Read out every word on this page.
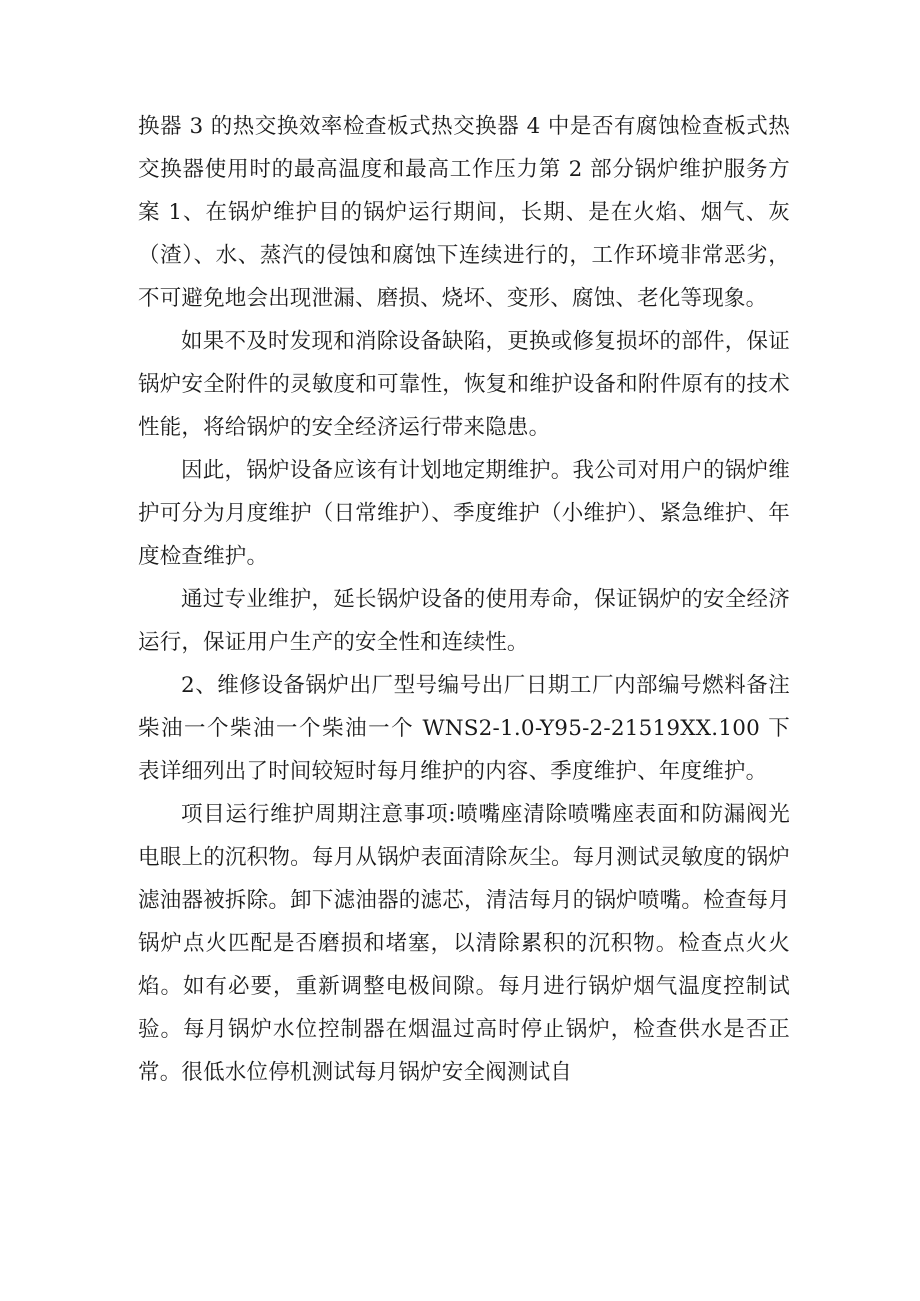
换器 3 的热交换效率检查板式热交换器 4 中是否有腐蚀检查板式热交换器使用时的最高温度和最高工作压力第 2 部分锅炉维护服务方案 1、在锅炉维护目的锅炉运行期间，长期、是在火焰、烟气、灰（渣）、水、蒸汽的侵蚀和腐蚀下连续进行的，工作环境非常恶劣，不可避免地会出现泄漏、磨损、烧坏、变形、腐蚀、老化等现象。

如果不及时发现和消除设备缺陷，更换或修复损坏的部件，保证锅炉安全附件的灵敏度和可靠性，恢复和维护设备和附件原有的技术性能，将给锅炉的安全经济运行带来隐患。

因此，锅炉设备应该有计划地定期维护。我公司对用户的锅炉维护可分为月度维护（日常维护）、季度维护（小维护）、紧急维护、年度检查维护。

通过专业维护，延长锅炉设备的使用寿命，保证锅炉的安全经济运行，保证用户生产的安全性和连续性。

2、维修设备锅炉出厂型号编号出厂日期工厂内部编号燃料备注柴油一个柴油一个柴油一个 WNS2-1.0-Y95-2-21519XX.100 下表详细列出了时间较短时每月维护的内容、季度维护、年度维护。

项目运行维护周期注意事项:喷嘴座清除喷嘴座表面和防漏阀光电眼上的沉积物。每月从锅炉表面清除灰尘。每月测试灵敏度的锅炉滤油器被拆除。卸下滤油器的滤芯，清洁每月的锅炉喷嘴。检查每月锅炉点火匹配是否磨损和堵塞，以清除累积的沉积物。检查点火火焰。如有必要，重新调整电极间隙。每月进行锅炉烟气温度控制试验。每月锅炉水位控制器在烟温过高时停止锅炉，检查供水是否正常。很低水位停机测试每月锅炉安全阀测试自
